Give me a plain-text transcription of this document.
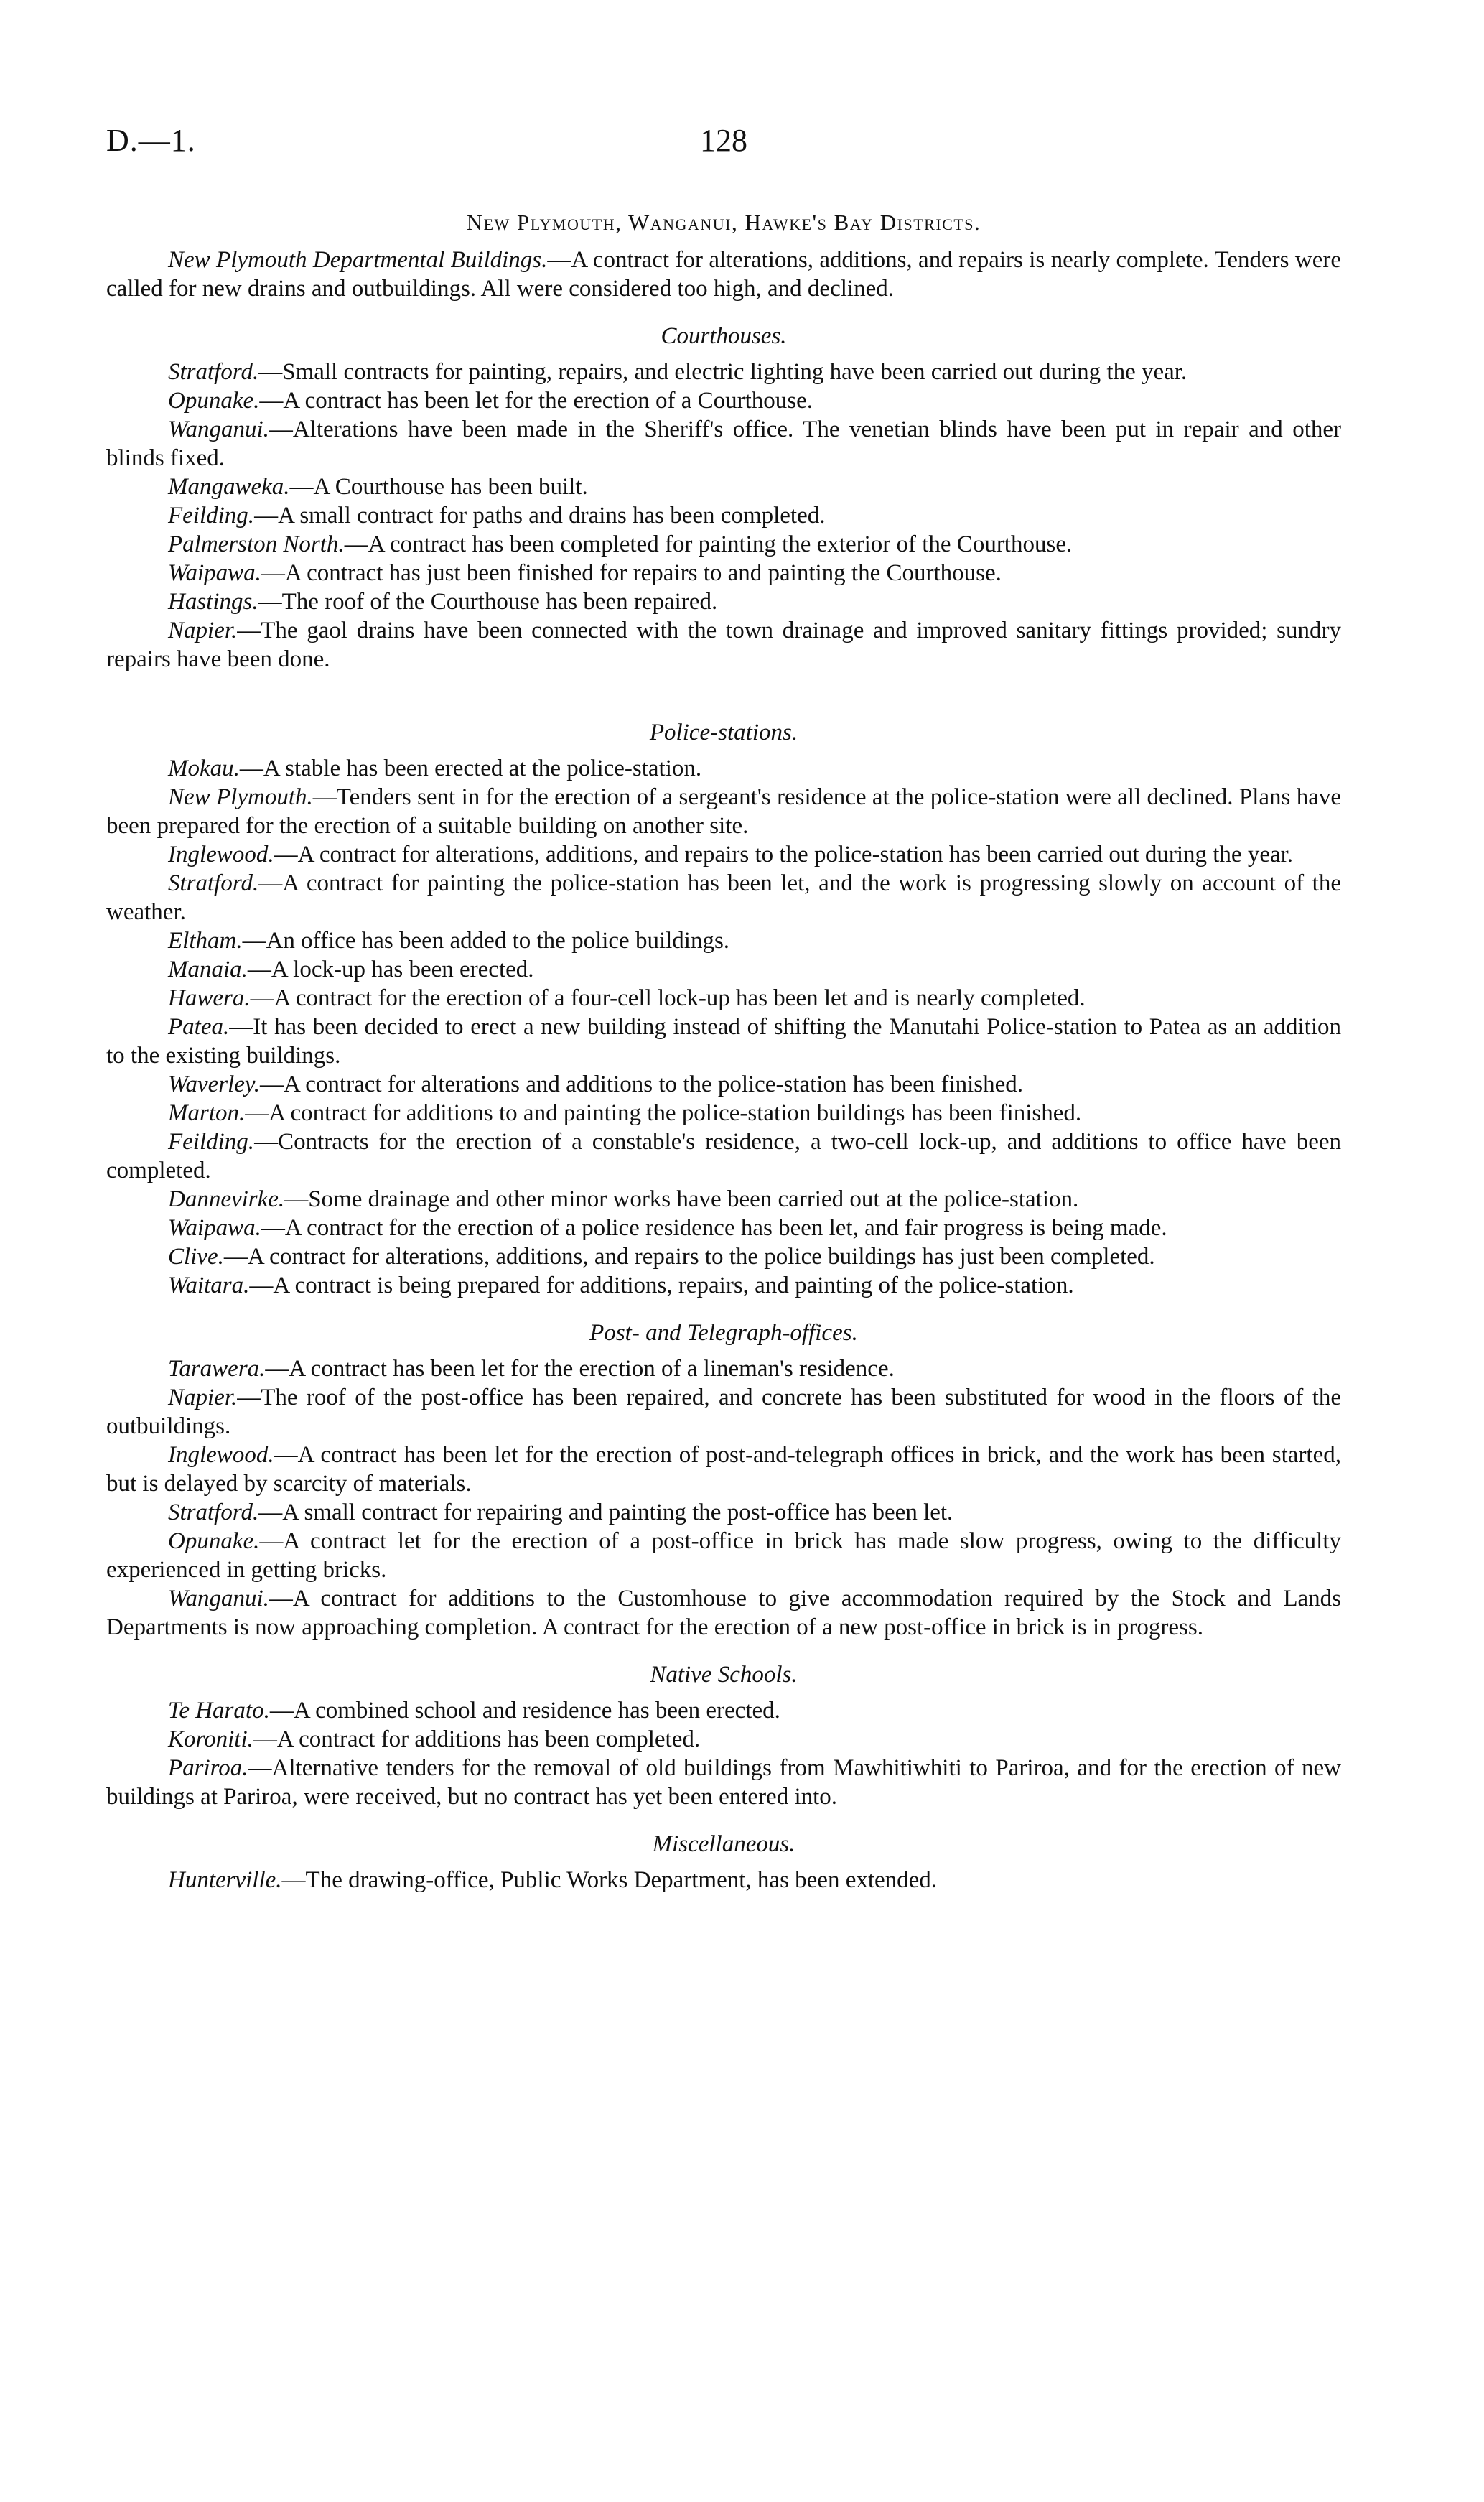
D.—1.	128
New Plymouth, Wanganui, Hawke's Bay Districts.

New Plymouth Departmental Buildings.—A contract for alterations, additions, and repairs is nearly complete. Tenders were called for new drains and outbuildings. All were considered too high, and declined.

Courthouses.

Stratford.—Small contracts for painting, repairs, and electric lighting have been carried out during the year.

Opunake.—A contract has been let for the erection of a Courthouse.

Wanganui.—Alterations have been made in the Sheriff's office. The venetian blinds have been put in repair and other blinds fixed.

Mangaweka.—A Courthouse has been built.

Feilding.—A small contract for paths and drains has been completed.

Palmerston North.—A contract has been completed for painting the exterior of the Courthouse.

Waipawa.—A contract has just been finished for repairs to and painting the Courthouse.

Hastings.—The roof of the Courthouse has been repaired.

Napier.—The gaol drains have been connected with the town drainage and improved sanitary fittings provided; sundry repairs have been done.

Police-stations.

Mokau.—A stable has been erected at the police-station.

New Plymouth.—Tenders sent in for the erection of a sergeant's residence at the police-station were all declined. Plans have been prepared for the erection of a suitable building on another site.

Inglewood.—A contract for alterations, additions, and repairs to the police-station has been carried out during the year.

Stratford.—A contract for painting the police-station has been let, and the work is progressing slowly on account of the weather.

Eltham.—An office has been added to the police buildings.

Manaia.—A lock-up has been erected.

Hawera.—A contract for the erection of a four-cell lock-up has been let and is nearly completed.

Patea.—It has been decided to erect a new building instead of shifting the Manutahi Police-station to Patea as an addition to the existing buildings.

Waverley.—A contract for alterations and additions to the police-station has been finished.

Marton.—A contract for additions to and painting the police-station buildings has been finished.

Feilding.—Contracts for the erection of a constable's residence, a two-cell lock-up, and additions to office have been completed.

Dannevirke.—Some drainage and other minor works have been carried out at the police-station.

Waipawa.—A contract for the erection of a police residence has been let, and fair progress is being made.

Clive.—A contract for alterations, additions, and repairs to the police buildings has just been completed.

Waitara.—A contract is being prepared for additions, repairs, and painting of the police-station.

Post- and Telegraph-offices.

Tarawera.—A contract has been let for the erection of a lineman's residence.

Napier.—The roof of the post-office has been repaired, and concrete has been substituted for wood in the floors of the outbuildings.

Inglewood.—A contract has been let for the erection of post-and-telegraph offices in brick, and the work has been started, but is delayed by scarcity of materials.

Stratford.—A small contract for repairing and painting the post-office has been let.

Opunake.—A contract let for the erection of a post-office in brick has made slow progress, owing to the difficulty experienced in getting bricks.

Wanganui.—A contract for additions to the Customhouse to give accommodation required by the Stock and Lands Departments is now approaching completion. A contract for the erection of a new post-office in brick is in progress.

Native Schools.

Te Harato.—A combined school and residence has been erected.

Koroniti.—A contract for additions has been completed.

Pariroa.—Alternative tenders for the removal of old buildings from Mawhitiwhiti to Pariroa, and for the erection of new buildings at Pariroa, were received, but no contract has yet been entered into.

Miscellaneous.

Hunterville.—The drawing-office, Public Works Department, has been extended.
